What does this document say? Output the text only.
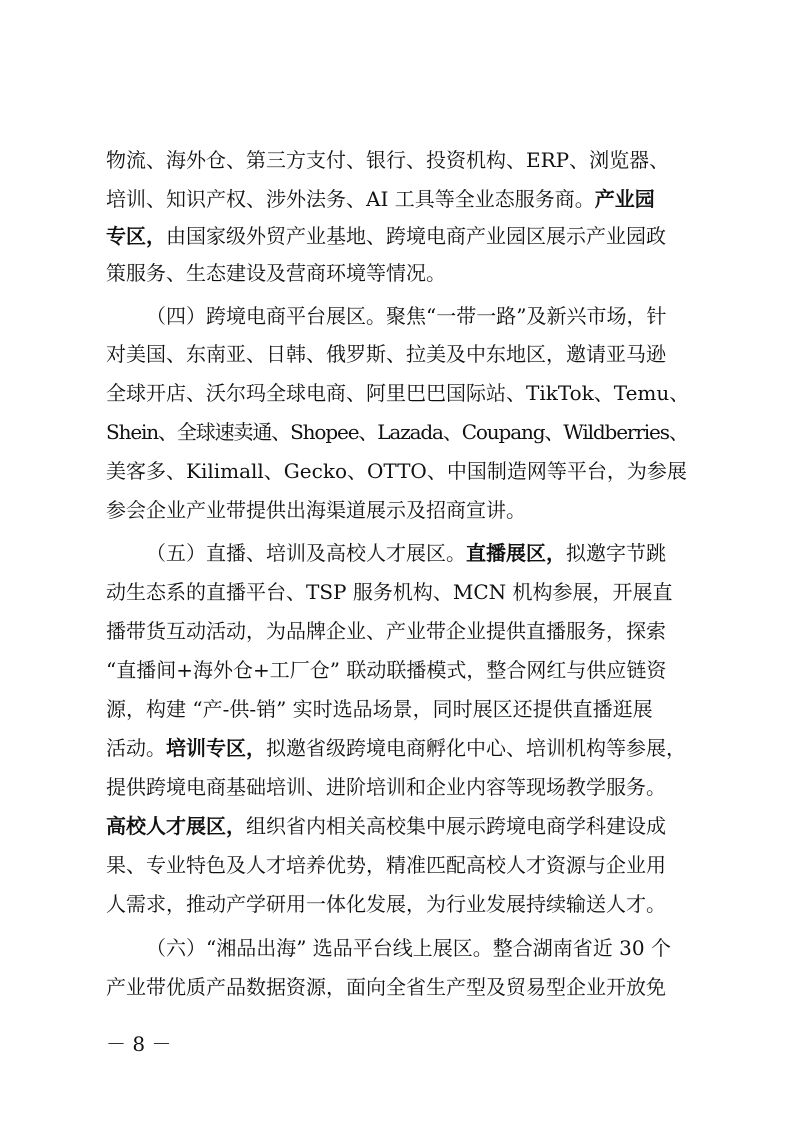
物流、海外仓、第三方支付、银行、投资机构、ERP、浏览器、
培训、知识产权、涉外法务、AI 工具等全业态服务商。产业园
专区，由国家级外贸产业基地、跨境电商产业园区展示产业园政
策服务、生态建设及营商环境等情况。
（四）跨境电商平台展区。聚焦“一带一路”及新兴市场，针
对美国、东南亚、日韩、俄罗斯、拉美及中东地区，邀请亚马逊
全球开店、沃尔玛全球电商、阿里巴巴国际站、TikTok、Temu、
Shein、全球速卖通、Shopee、Lazada、Coupang、Wildberries、
美客多、Kilimall、Gecko、OTTO、中国制造网等平台，为参展
参会企业产业带提供出海渠道展示及招商宣讲。
（五）直播、培训及高校人才展区。直播展区，拟邀字节跳
动生态系的直播平台、TSP 服务机构、MCN 机构参展，开展直
播带货互动活动，为品牌企业、产业带企业提供直播服务，探索
“直播间+海外仓+工厂仓” 联动联播模式，整合网红与供应链资
源，构建 “产-供-销” 实时选品场景，同时展区还提供直播逛展
活动。培训专区，拟邀省级跨境电商孵化中心、培训机构等参展，
提供跨境电商基础培训、进阶培训和企业内容等现场教学服务。
高校人才展区，组织省内相关高校集中展示跨境电商学科建设成
果、专业特色及人才培养优势，精准匹配高校人才资源与企业用
人需求，推动产学研用一体化发展，为行业发展持续输送人才。
（六）“湘品出海” 选品平台线上展区。整合湖南省近 30 个
产业带优质产品数据资源，面向全省生产型及贸易型企业开放免
－ 8 －
